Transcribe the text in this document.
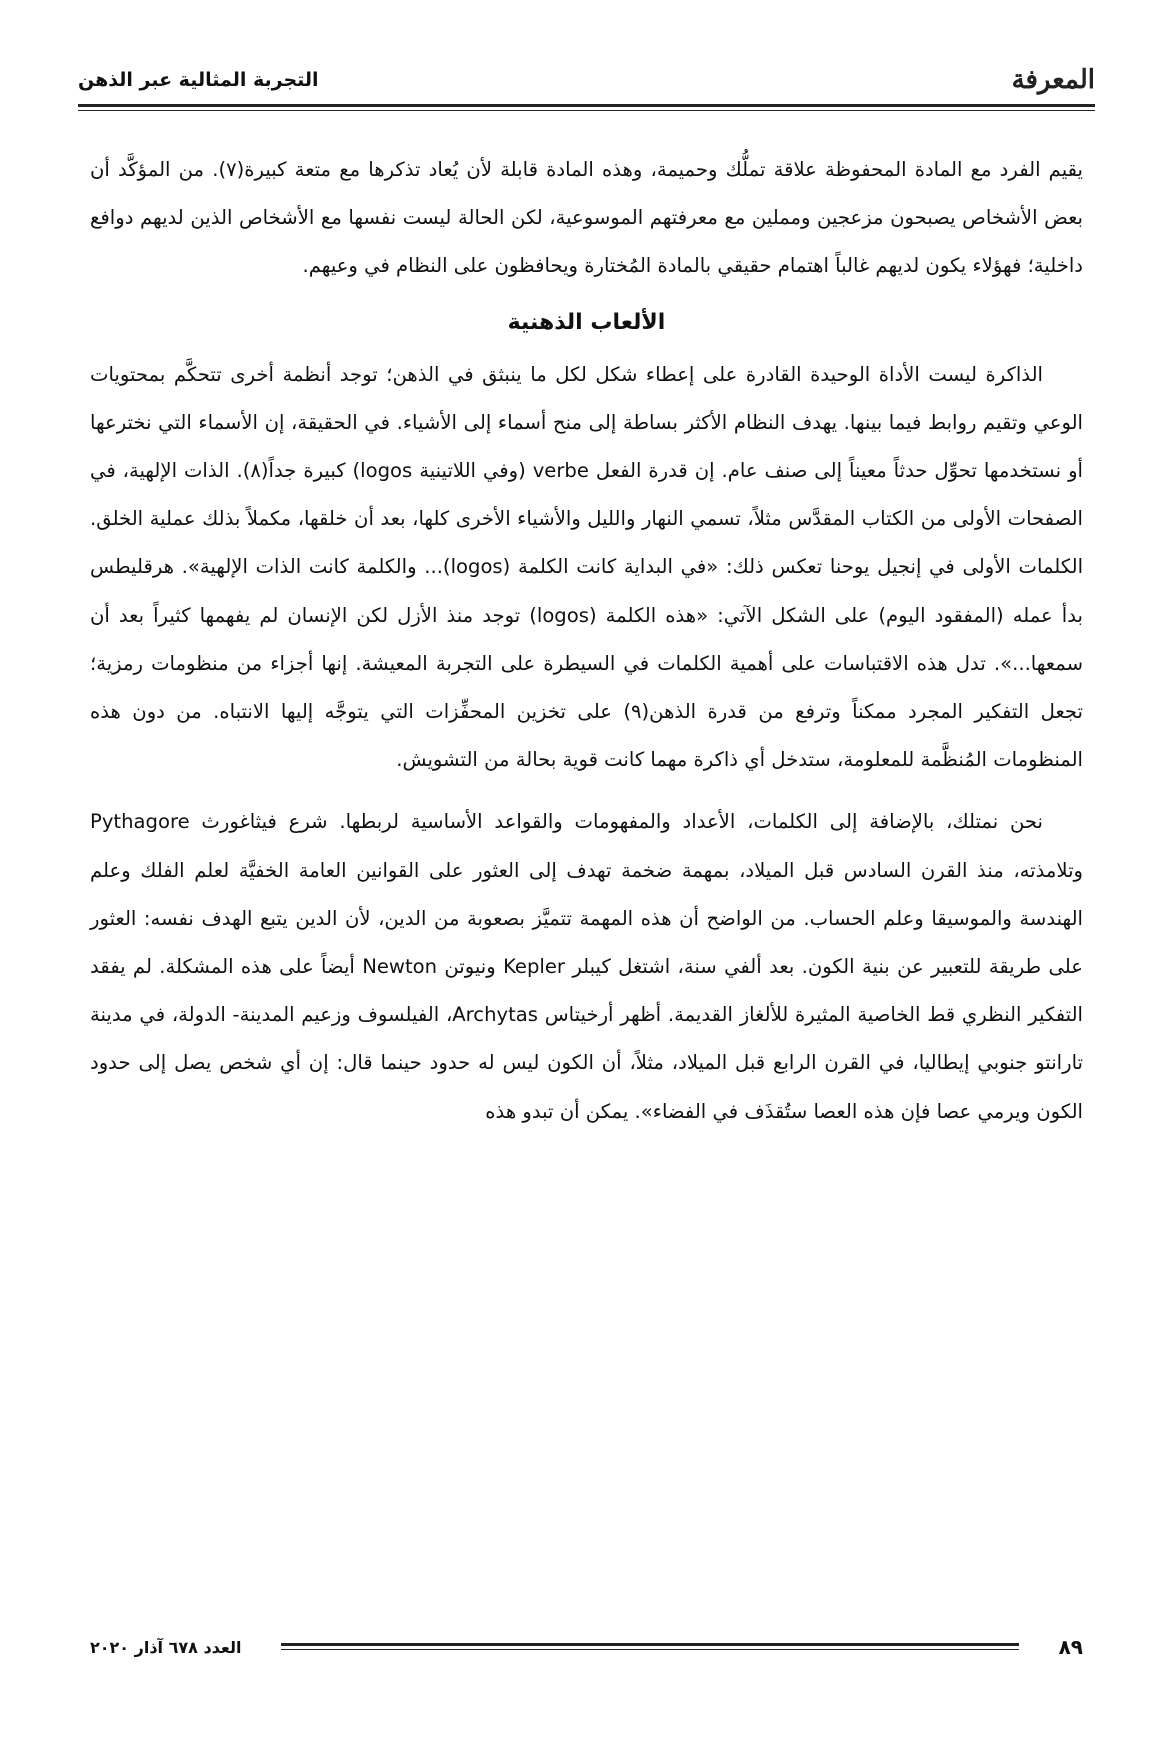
المعرفة
التجربة المثالية عبر الذهن

يقيم الفرد مع المادة المحفوظة علاقة تملُّك وحميمة، وهذه المادة قابلة لأن يُعاد تذكرها مع متعة كبيرة(٧). من المؤكَّد أن بعض الأشخاص يصبحون مزعجين ومملين مع معرفتهم الموسوعية، لكن الحالة ليست نفسها مع الأشخاص الذين لديهم دوافع داخلية؛ فهؤلاء يكون لديهم غالباً اهتمام حقيقي بالمادة المُختارة ويحافظون على النظام في وعيهم.

الألعاب الذهنية

الذاكرة ليست الأداة الوحيدة القادرة على إعطاء شكل لكل ما ينبثق في الذهن؛ توجد أنظمة أخرى تتحكَّم بمحتويات الوعي وتقيم روابط فيما بينها. يهدف النظام الأكثر بساطة إلى منح أسماء إلى الأشياء. في الحقيقة، إن الأسماء التي نخترعها أو نستخدمها تحوِّل حدثاً معيناً إلى صنف عام. إن قدرة الفعل verbe (وفي اللاتينية logos) كبيرة جداً(٨). الذات الإلهية، في الصفحات الأولى من الكتاب المقدَّس مثلاً، تسمي النهار والليل والأشياء الأخرى كلها، بعد أن خلقها، مكملاً بذلك عملية الخلق. الكلمات الأولى في إنجيل يوحنا تعكس ذلك: «في البداية كانت الكلمة (logos)... والكلمة كانت الذات الإلهية». هرقليطس بدأ عمله (المفقود اليوم) على الشكل الآتي: «هذه الكلمة (logos) توجد منذ الأزل لكن الإنسان لم يفهمها كثيراً بعد أن سمعها...». تدل هذه الاقتباسات على أهمية الكلمات في السيطرة على التجربة المعيشة. إنها أجزاء من منظومات رمزية؛ تجعل التفكير المجرد ممكناً وترفع من قدرة الذهن(٩) على تخزين المحفِّزات التي يتوجَّه إليها الانتباه. من دون هذه المنظومات المُنظَّمة للمعلومة، ستدخل أي ذاكرة مهما كانت قوية بحالة من التشويش.

نحن نمتلك، بالإضافة إلى الكلمات، الأعداد والمفهومات والقواعد الأساسية لربطها. شرع فيثاغورث Pythagore وتلامذته، منذ القرن السادس قبل الميلاد، بمهمة ضخمة تهدف إلى العثور على القوانين العامة الخفيَّة لعلم الفلك وعلم الهندسة والموسيقا وعلم الحساب. من الواضح أن هذه المهمة تتميَّز بصعوبة من الدين، لأن الدين يتبع الهدف نفسه: العثور على طريقة للتعبير عن بنية الكون. بعد ألفي سنة، اشتغل كيبلر Kepler ونيوتن Newton أيضاً على هذه المشكلة. لم يفقد التفكير النظري قط الخاصية المثيرة للألغاز القديمة. أظهر أرخيتاس Archytas، الفيلسوف وزعيم المدينة- الدولة، في مدينة تارانتو جنوبي إيطاليا، في القرن الرابع قبل الميلاد، مثلاً، أن الكون ليس له حدود حينما قال: إن أي شخص يصل إلى حدود الكون ويرمي عصا فإن هذه العصا ستُقذَف في الفضاء». يمكن أن تبدو هذه

٨٩
العدد ٦٧٨ آذار ٢٠٢٠
